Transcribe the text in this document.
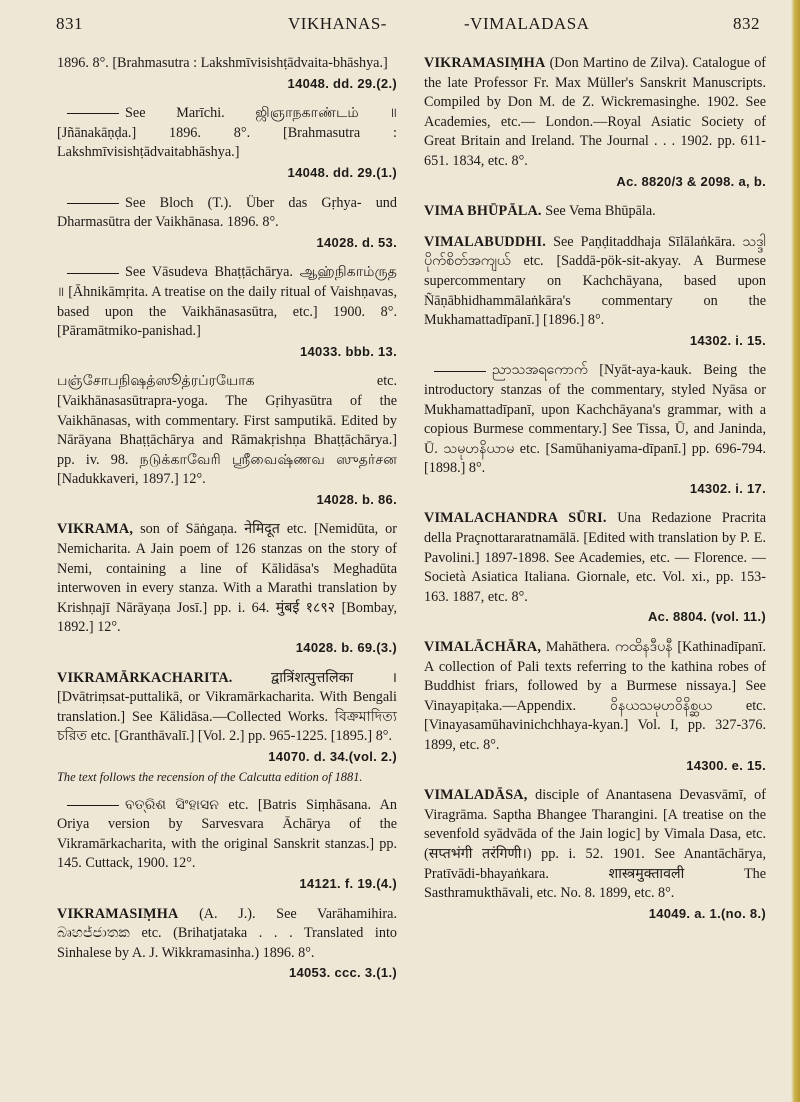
831	VIKHANAS-	-VIMALADASA	832
1896. 8°. [Brahmasutra : Lakshmīvisishṭādvaita-bhāshya.]
14048. dd. 29.(2.)
See Marīchi. ஜிஞாநகாண்டம் ॥ [Jñānakāṇḍa.] 1896. 8°. [Brahmasutra : Lakshmīvisishṭādvaitabhāshya.]
14048. dd. 29.(1.)
See Bloch (T.). Über das Gṛhya- und Dharmasūtra der Vaikhānasa. 1896. 8°.
14028. d. 53.
See Vāsudeva Bhaṭṭāchārya. ஆஹ்நிகாம்ருத ॥ [Āhnikāmṛita. A treatise on the daily ritual of Vaishṇavas, based upon the Vaikhānasasūtra, etc.] 1900. 8°. [Pāramātmiko-panishad.]
14033. bbb. 13.
பஞ்சோபநிஷத்ஸூத்ரப்ரயோக etc. [Vaikhānasasūtrapra-yoga. The Gṛihyasūtra of the Vaikhānasas, with commentary. First samputikā. Edited by Nārāyana Bhaṭṭāchārya and Rāmakṛishṇa Bhaṭṭāchārya.] pp. iv. 98. நடுக்காவேரி ஸ்ரீவைஷ்ணவ ஸுதர்சன [Nadukkaveri, 1897.] 12°.
14028. b. 86.
VIKRAMA, son of Sāṅgaṇa. नेमिदूत etc. [Nemidūta, or Nemicharita. A Jain poem of 126 stanzas on the story of Nemi, containing a line of Kālidāsa's Meghadūta interwoven in every stanza. With a Marathi translation by Krishṇajī Nārāyaṇa Josī.] pp. i. 64. मुंबई १८९२ [Bombay, 1892.] 12°.
14028. b. 69.(3.)
VIKRAMĀRKACHARITA.	द्वात्रिंशत्पुत्तलिका । [Dvātriṃsat-puttalikā, or Vikramārkacharita. With Bengali translation.] See Kālidāsa.—Collected Works. বিক্রমাদিত্য চরিত etc. [Granthāvalī.] [Vol. 2.] pp. 965-1225. [1895.] 8°.
14070. d. 34.(vol. 2.)
The text follows the recension of the Calcutta edition of 1881.
ବତ୍ରିଶ ସିଂହାସନ etc. [Batris Siṃhāsana. An Oriya version by Sarvesvara Āchārya of the Vikramārkacharita, with the original Sanskrit stanzas.] pp. 145. Cuttack, 1900. 12°.
14121. f. 19.(4.)
VIKRAMASIṂHA (A. J.). See Varāhamihira. බෘහජ්ජාතක etc. (Brihatjataka . . . Translated into Sinhalese by A. J. Wikkramasinha.) 1896. 8°.
14053. ccc. 3.(1.)
VIKRAMASIṂHA (Don Martino de Zilva). Catalogue of the late Professor Fr. Max Müller's Sanskrit Manuscripts. Compiled by Don M. de Z. Wickremasinghe. 1902. See Academies, etc.— London.—Royal Asiatic Society of Great Britain and Ireland. The Journal . . . 1902. pp. 611-651. 1834, etc. 8°.
Ac. 8820/3 & 2098. a, b.
VIMA BHŪPĀLA. See Vema Bhūpāla.
VIMALABUDDHI. See Paṇḍitaddhaja Sīlālaṅkāra. သဒ္ဒါပိုက်စိတ်အကျယ် etc. [Saddā-pök-sit-akyay. A Burmese supercommentary on Kachchāyana, based upon Ñāṇābhidhammālaṅkāra's commentary on the Mukhamattadīpanī.] [1896.] 8°.
14302. i. 15.
ညာသအရကောက် [Nyāt-aya-kauk. Being the introductory stanzas of the commentary, styled Nyāsa or Mukhamattadīpanī, upon Kachchāyana's grammar, with a copious Burmese commentary.] See Tissa, Ū, and Janinda, Ū. သမုဟနိယာမ etc. [Samūhaniyama-dīpanī.] pp. 696-794. [1898.] 8°.
14302. i. 17.
VIMALACHANDRA SŪRI. Una Redazione Pracrita della Praçnottararatnamālā. [Edited with translation by P. E. Pavolini.] 1897-1898. See Academies, etc. — Florence. — Società Asiatica Italiana. Giornale, etc. Vol. xi., pp. 153-163. 1887, etc. 8°.
Ac. 8804. (vol. 11.)
VIMALĀCHĀRA, Mahāthera. ကထိနဒီပနီ [Kathinadīpanī. A collection of Pali texts referring to the kathina robes of Buddhist friars, followed by a Burmese nissaya.] See Vinayapiṭaka.—Appendix. ဝိနယသမုဟဝိနိစ္ဆယ etc. [Vinayasamūhavinichchhaya-kyan.] Vol. I, pp. 327-376. 1899, etc. 8°.
14300. e. 15.
VIMALADĀSA, disciple of Anantasena Devasvāmī, of Viragrāma. Saptha Bhangee Tharangini. [A treatise on the sevenfold syādvāda of the Jain logic] by Vimala Dasa, etc. (सप्तभंगी तरंगिणी।) pp. i. 52. 1901. See Anantāchārya, Pratīvādi-bhayaṅkara. शास्त्रमुक्तावली The Sasthramukthāvali, etc. No. 8. 1899, etc. 8°.
14049. a. 1.(no. 8.)
